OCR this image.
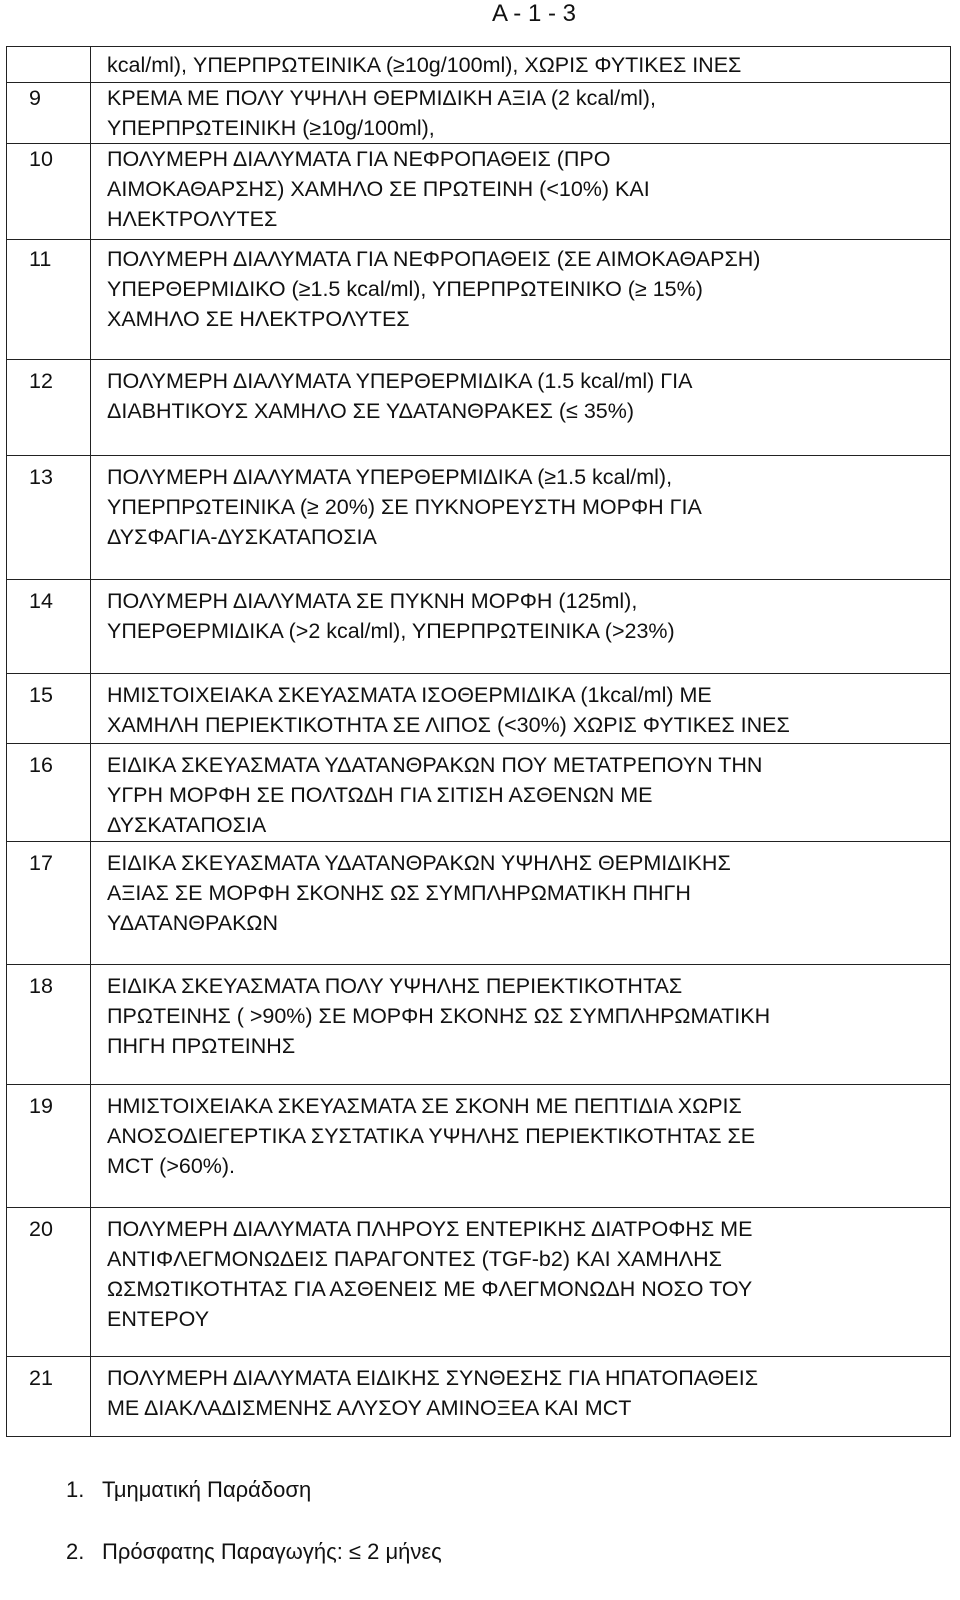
A - 1 - 3
	kcal/ml), ΥΠΕΡΠΡΩΤΕΙΝΙΚΑ (≥10g/100ml), ΧΩΡΙΣ ΦΥΤΙΚΕΣ ΙΝΕΣ
9	ΚΡΕΜΑ ΜΕ ΠΟΛΥ ΥΨΗΛΗ ΘΕΡΜΙΔΙΚΗ ΑΞΙΑ (2 kcal/ml),
ΥΠΕΡΠΡΩΤΕΙΝΙΚΗ (≥10g/100ml),
10	ΠΟΛΥΜΕΡΗ ΔΙΑΛΥΜΑΤΑ ΓΙΑ ΝΕΦΡΟΠΑΘΕΙΣ (ΠΡΟ
ΑΙΜΟΚΑΘΑΡΣΗΣ) ΧΑΜΗΛΟ ΣΕ ΠΡΩΤΕΙΝΗ (<10%) ΚΑΙ
ΗΛΕΚΤΡΟΛΥΤΕΣ
11	ΠΟΛΥΜΕΡΗ ΔΙΑΛΥΜΑΤΑ ΓΙΑ ΝΕΦΡΟΠΑΘΕΙΣ (ΣΕ ΑΙΜΟΚΑΘΑΡΣΗ)
ΥΠΕΡΘΕΡΜΙΔΙΚΟ (≥1.5 kcal/ml), ΥΠΕΡΠΡΩΤΕΙΝΙΚΟ (≥ 15%)
ΧΑΜΗΛΟ ΣΕ ΗΛΕΚΤΡΟΛΥΤΕΣ
12	ΠΟΛΥΜΕΡΗ ΔΙΑΛΥΜΑΤΑ ΥΠΕΡΘΕΡΜΙΔΙΚΑ (1.5 kcal/ml) ΓΙΑ
ΔΙΑΒΗΤΙΚΟΥΣ ΧΑΜΗΛΟ ΣΕ ΥΔΑΤΑΝΘΡΑΚΕΣ (≤ 35%)
13	ΠΟΛΥΜΕΡΗ ΔΙΑΛΥΜΑΤΑ ΥΠΕΡΘΕΡΜΙΔΙΚΑ (≥1.5 kcal/ml),
ΥΠΕΡΠΡΩΤΕΙΝΙΚΑ (≥ 20%) ΣΕ ΠΥΚΝΟΡΕΥΣΤΗ ΜΟΡΦΗ ΓΙΑ
ΔΥΣΦΑΓΙΑ-ΔΥΣΚΑΤΑΠΟΣΙΑ
14	ΠΟΛΥΜΕΡΗ ΔΙΑΛΥΜΑΤΑ ΣΕ ΠΥΚΝΗ ΜΟΡΦΗ (125ml),
ΥΠΕΡΘΕΡΜΙΔΙΚΑ (>2 kcal/ml), ΥΠΕΡΠΡΩΤΕΙΝΙΚΑ (>23%)
15	ΗΜΙΣΤΟΙΧΕΙΑΚΑ ΣΚΕΥΑΣΜΑΤΑ ΙΣΟΘΕΡΜΙΔΙΚΑ (1kcal/ml) ΜΕ
ΧΑΜΗΛΗ ΠΕΡΙΕΚΤΙΚΟΤΗΤΑ ΣΕ ΛΙΠΟΣ (<30%) ΧΩΡΙΣ ΦΥΤΙΚΕΣ ΙΝΕΣ
16	ΕΙΔΙΚΑ ΣΚΕΥΑΣΜΑΤΑ ΥΔΑΤΑΝΘΡΑΚΩΝ ΠΟΥ ΜΕΤΑΤΡΕΠΟΥΝ ΤΗΝ
ΥΓΡΗ ΜΟΡΦΗ ΣΕ ΠΟΛΤΩΔΗ ΓΙΑ ΣΙΤΙΣΗ ΑΣΘΕΝΩΝ ΜΕ
ΔΥΣΚΑΤΑΠΟΣΙΑ
17	ΕΙΔΙΚΑ ΣΚΕΥΑΣΜΑΤΑ ΥΔΑΤΑΝΘΡΑΚΩΝ ΥΨΗΛΗΣ ΘΕΡΜΙΔΙΚΗΣ
ΑΞΙΑΣ ΣΕ ΜΟΡΦΗ ΣΚΟΝΗΣ ΩΣ ΣΥΜΠΛΗΡΩΜΑΤΙΚΗ ΠΗΓΗ
ΥΔΑΤΑΝΘΡΑΚΩΝ
18	ΕΙΔΙΚΑ ΣΚΕΥΑΣΜΑΤΑ ΠΟΛΥ ΥΨΗΛΗΣ ΠΕΡΙΕΚΤΙΚΟΤΗΤΑΣ
ΠΡΩΤΕΙΝΗΣ ( >90%) ΣΕ ΜΟΡΦΗ ΣΚΟΝΗΣ ΩΣ ΣΥΜΠΛΗΡΩΜΑΤΙΚΗ
ΠΗΓΗ ΠΡΩΤΕΙΝΗΣ
19	ΗΜΙΣΤΟΙΧΕΙΑΚΑ ΣΚΕΥΑΣΜΑΤΑ ΣΕ ΣΚΟΝΗ ΜΕ ΠΕΠΤΙΔΙΑ ΧΩΡΙΣ
ΑΝΟΣΟΔΙΕΓΕΡΤΙΚΑ ΣΥΣΤΑΤΙΚΑ ΥΨΗΛΗΣ ΠΕΡΙΕΚΤΙΚΟΤΗΤΑΣ ΣΕ
MCT (>60%).
20	ΠΟΛΥΜΕΡΗ ΔΙΑΛΥΜΑΤΑ ΠΛΗΡΟΥΣ ΕΝΤΕΡΙΚΗΣ ΔΙΑΤΡΟΦΗΣ ΜΕ
ΑΝΤΙΦΛΕΓΜΟΝΩΔΕΙΣ ΠΑΡΑΓΟΝΤΕΣ (TGF-b2) ΚΑΙ ΧΑΜΗΛΗΣ
ΩΣΜΩΤΙΚΟΤΗΤΑΣ ΓΙΑ ΑΣΘΕΝΕΙΣ ΜΕ ΦΛΕΓΜΟΝΩΔΗ ΝΟΣΟ ΤΟΥ
ΕΝΤΕΡΟΥ
21	ΠΟΛΥΜΕΡΗ ΔΙΑΛΥΜΑΤΑ ΕΙΔΙΚΗΣ ΣΥΝΘΕΣΗΣ ΓΙΑ ΗΠΑΤΟΠΑΘΕΙΣ
ΜΕ ΔΙΑΚΛΑΔΙΣΜΕΝΗΣ ΑΛΥΣΟΥ ΑΜΙΝΟΞΕΑ ΚΑΙ MCT
1. Τμηματική Παράδοση
2. Πρόσφατης Παραγωγής: ≤ 2 μήνες
